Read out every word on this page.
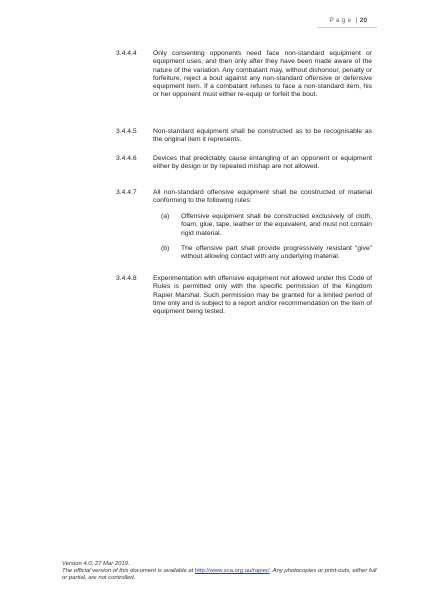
Page | 20
3.4.4.4 Only consenting opponents need face non-standard equipment or equipment uses, and then only after they have been made aware of the nature of the variation. Any combatant may, without dishonour, penalty or forfeiture, reject a bout against any non-standard offensive or defensive equipment item. If a combatant refuses to face a non-standard item, his or her opponent must either re-equip or forfeit the bout.
3.4.4.5 Non-standard equipment shall be constructed as to be recognisable as the original item it represents.
3.4.4.6 Devices that predictably cause entangling of an opponent or equipment either by design or by repeated mishap are not allowed.
3.4.4.7 All non-standard offensive equipment shall be constructed of material conforming to the following rules:
(a) Offensive equipment shall be constructed exclusively of cloth, foam, glue, tape, leather or the equivalent, and must not contain rigid material.
(b) The offensive part shall provide progressively resistant “give” without allowing contact with any underlying material.
3.4.4.8 Experimentation with offensive equipment not allowed under this Code of Rules is permitted only with the specific permission of the Kingdom Rapier Marshal. Such permission may be granted for a limited period of time only and is subject to a report and/or recommendation on the item of equipment being tested.
Version 4.0, 27 Mar 2019.
The official version of this document is available at http://www.sca.org.au/rapier/. Any photocopies or print-outs, either full or partial, are not controlled.
